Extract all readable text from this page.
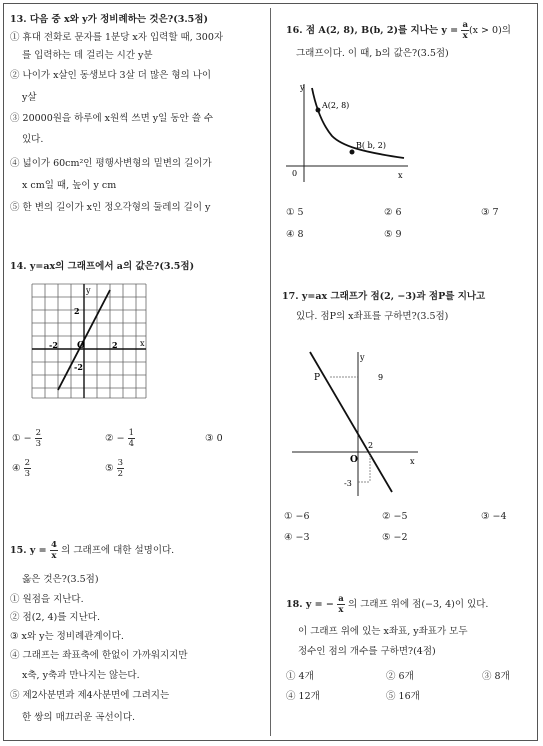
13. 다음 중 x와 y가 정비례하는 것은?(3.5점)
① 휴대 전화로 문자를 1분당 x자 입력할 때, 300자
를 입력하는 데 걸리는 시간 y분
② 나이가 x살인 동생보다 3살 더 많은 형의 나이
y살
③ 20000원을 하루에 x원씩 쓰면 y일 동안 쓸 수
있다.
④ 넓이가 60cm²인 평행사변형의 밑변의 길이가
x cm일 때, 높이 y cm
⑤ 한 변의 길이가 x인 정오각형의 둘레의 길이 y
14. y=ax의 그래프에서 a의 값은?(3.5점)
y
x
O
2
-2
-2	2
① − $\frac{2}{3}$	② − $\frac{1}{4}$	③ 0
④ $\frac{2}{3}$	⑤ $\frac{3}{2}$
15. $y = \frac{4}{x}$ 의 그래프에 대한 설명이다.
옳은 것은?(3.5점)
① 원점을 지난다.
② 점(2, 4)를 지난다.
③ x와 y는 정비례관계이다.
④ 그래프는 좌표축에 한없이 가까워지지만
x축, y축과 만나지는 않는다.
⑤ 제2사분면과 제4사분면에 그려지는
한 쌍의 매끄러운 곡선이다.
16. 점 A(2, 8), B(b, 2)를 지나는 $y = \frac{a}{x} (x > 0)$의
그래프이다. 이 때, b의 값은?(3.5점)
y
x
0
A(2, 8)
B( b, 2)
① 5	② 6	③ 7
④ 8	⑤ 9
17. y=ax 그래프가 점(2, −3)과 점P를 지나고
있다. 점P의 x좌표를 구하면?(3.5점)
y
x
O
P	9
2
-3
① −6	② −5	③ −4
④ −3	⑤ −2
18. y = − $\frac{a}{x}$ 의 그래프 위에 점(−3, 4)이 있다.
이 그래프 위에 있는 x좌표, y좌표가 모두
정수인 점의 개수를 구하면?(4점)
① 4개	② 6개	③ 8개
④ 12개	⑤ 16개
